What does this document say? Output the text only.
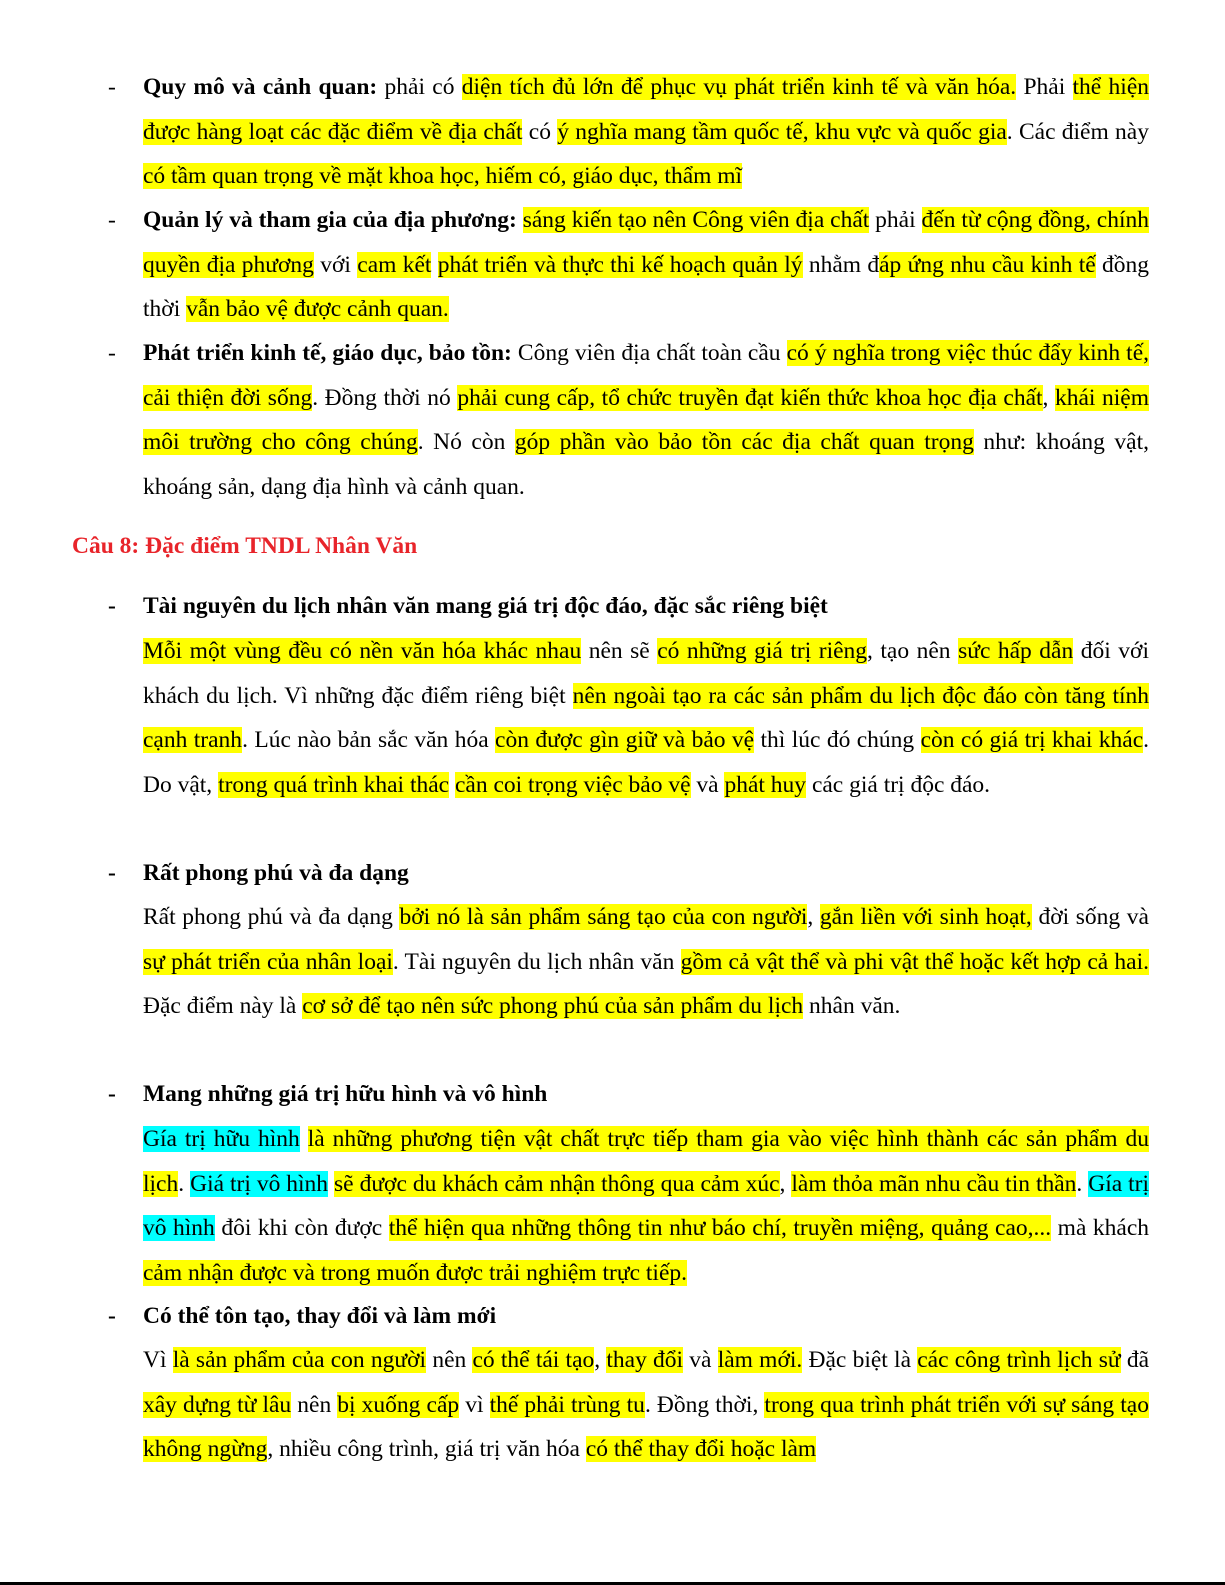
- Quy mô và cảnh quan: phải có diện tích đủ lớn để phục vụ phát triển kinh tế và văn hóa. Phải thể hiện được hàng loạt các đặc điểm về địa chất có ý nghĩa mang tầm quốc tế, khu vực và quốc gia. Các điểm này có tầm quan trọng về mặt khoa học, hiếm có, giáo dục, thẩm mĩ

- Quản lý và tham gia của địa phương: sáng kiến tạo nên Công viên địa chất phải đến từ cộng đồng, chính quyền địa phương với cam kết phát triển và thực thi kế hoạch quản lý nhằm đáp ứng nhu cầu kinh tế đồng thời vẫn bảo vệ được cảnh quan.

- Phát triển kinh tế, giáo dục, bảo tồn: Công viên địa chất toàn cầu có ý nghĩa trong việc thúc đẩy kinh tế, cải thiện đời sống. Đồng thời nó phải cung cấp, tổ chức truyền đạt kiến thức khoa học địa chất, khái niệm môi trường cho công chúng. Nó còn góp phần vào bảo tồn các địa chất quan trọng như: khoáng vật, khoáng sản, dạng địa hình và cảnh quan.

Câu 8: Đặc điểm TNDL Nhân Văn
- Tài nguyên du lịch nhân văn mang giá trị độc đáo, đặc sắc riêng biệt

Mỗi một vùng đều có nền văn hóa khác nhau nên sẽ có những giá trị riêng, tạo nên sức hấp dẫn đối với khách du lịch. Vì những đặc điểm riêng biệt nên ngoài tạo ra các sản phẩm du lịch độc đáo còn tăng tính cạnh tranh. Lúc nào bản sắc văn hóa còn được gìn giữ và bảo vệ thì lúc đó chúng còn có giá trị khai khác. Do vật, trong quá trình khai thác cần coi trọng việc bảo vệ và phát huy các giá trị độc đáo.

- Rất phong phú và đa dạng

Rất phong phú và đa dạng bởi nó là sản phẩm sáng tạo của con người, gắn liền với sinh hoạt, đời sống và sự phát triển của nhân loại. Tài nguyên du lịch nhân văn gồm cả vật thể và phi vật thể hoặc kết hợp cả hai. Đặc điểm này là cơ sở để tạo nên sức phong phú của sản phẩm du lịch nhân văn.

- Mang những giá trị hữu hình và vô hình

Gía trị hữu hình là những phương tiện vật chất trực tiếp tham gia vào việc hình thành các sản phẩm du lịch. Giá trị vô hình sẽ được du khách cảm nhận thông qua cảm xúc, làm thỏa mãn nhu cầu tin thần. Gía trị vô hình đôi khi còn được thể hiện qua những thông tin như báo chí, truyền miệng, quảng cao,... mà khách cảm nhận được và trong muốn được trải nghiệm trực tiếp.

- Có thể tôn tạo, thay đổi và làm mới

Vì là sản phẩm của con người nên có thể tái tạo, thay đổi và làm mới. Đặc biệt là các công trình lịch sử đã xây dựng từ lâu nên bị xuống cấp vì thế phải trùng tu. Đồng thời, trong qua trình phát triển với sự sáng tạo không ngừng, nhiều công trình, giá trị văn hóa có thể thay đổi hoặc làm
